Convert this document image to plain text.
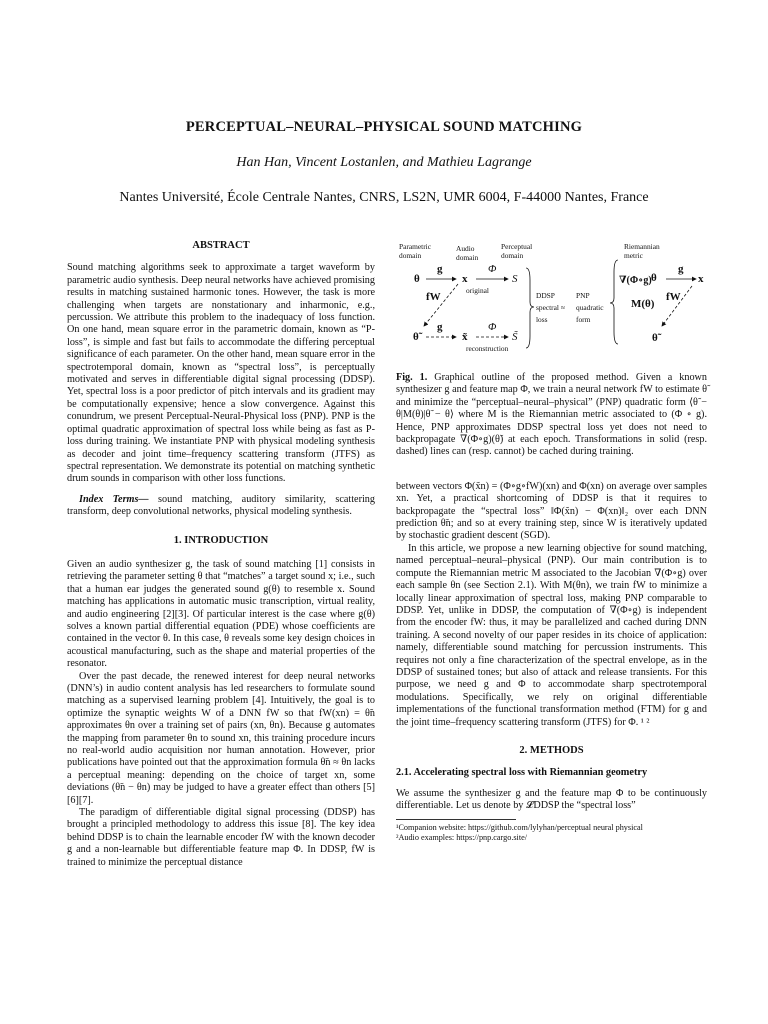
PERCEPTUAL–NEURAL–PHYSICAL SOUND MATCHING
Han Han, Vincent Lostanlen, and Mathieu Lagrange
Nantes Université, École Centrale Nantes, CNRS, LS2N, UMR 6004, F-44000 Nantes, France

ABSTRACT

Sound matching algorithms seek to approximate a target waveform by parametric audio synthesis. Deep neural networks have achieved promising results in matching sustained harmonic tones. However, the task is more challenging when targets are nonstationary and inharmonic, e.g., percussion. We attribute this problem to the inadequacy of loss function. On one hand, mean square error in the parametric domain, known as “P-loss”, is simple and fast but fails to accommodate the differing perceptual significance of each parameter. On the other hand, mean square error in the spectrotemporal domain, known as “spectral loss”, is perceptually motivated and serves in differentiable digital signal processing (DDSP). Yet, spectral loss is a poor predictor of pitch intervals and its gradient may be computationally expensive; hence a slow convergence. Against this conundrum, we present Perceptual-Neural-Physical loss (PNP). PNP is the optimal quadratic approximation of spectral loss while being as fast as P-loss during training. We instantiate PNP with physical modeling synthesis as decoder and joint time–frequency scattering transform (JTFS) as spectral representation. We demonstrate its potential on matching synthetic drum sounds in comparison with other loss functions.

Index Terms— sound matching, auditory similarity, scattering transform, deep convolutional networks, physical modeling synthesis.

1. INTRODUCTION

Given an audio synthesizer g, the task of sound matching [1] consists in retrieving the parameter setting θ that “matches” a target sound x; i.e., such that a human ear judges the generated sound g(θ) to resemble x. Sound matching has applications in automatic music transcription, virtual reality, and audio engineering [2][3]. Of particular interest is the case where g(θ) solves a known partial differential equation (PDE) whose coefficients are contained in the vector θ. In this case, θ reveals some key design choices in acoustical manufacturing, such as the shape and material properties of the resonator.

Over the past decade, the renewed interest for deep neural networks (DNN’s) in audio content analysis has led researchers to formulate sound matching as a supervised learning problem [4]. Intuitively, the goal is to optimize the synaptic weights W of a DNN fW so that fW(xn) = θ̃n approximates θn over a training set of pairs (xn, θn). Because g automates the mapping from parameter θn to sound xn, this training procedure incurs no real-world audio acquisition nor human annotation. However, prior publications have pointed out that the approximation formula θ̃n ≈ θn lacks a perceptual meaning: depending on the choice of target xn, some deviations (θ̃n − θn) may be judged to have a greater effect than others [5][6][7].

The paradigm of differentiable digital signal processing (DDSP) has brought a principled methodology to address this issue [8]. The key idea behind DDSP is to chain the learnable encoder fW with the known decoder g and a non-learnable but differentiable feature map Φ. In DDSP, fW is trained to minimize the perceptual distance

Parametric
domain
Audio
domain
Perceptual
domain
Riemannian
metric
θ
g
x
Φ
S
original
fW
θ̃
g
x̃
Φ
S̃
reconstruction
DDSP
spectral ≈
loss
PNP
quadratic
form
∇(Φ∘g) θ
g
x
M(θ)
fW
θ̃

Fig. 1. Graphical outline of the proposed method. Given a known synthesizer g and feature map Φ, we train a neural network fW to estimate θ̃ and minimize the “perceptual–neural–physical” (PNP) quadratic form ⟨θ̃ − θ|M(θ)|θ̃ − θ⟩ where M is the Riemannian metric associated to (Φ ∘ g). Hence, PNP approximates DDSP spectral loss yet does not need to backpropagate ∇(Φ∘g)(θ̃) at each epoch. Transformations in solid (resp. dashed) lines can (resp. cannot) be cached during training.

between vectors Φ(x̃n) = (Φ∘g∘fW)(xn) and Φ(xn) on average over samples xn. Yet, a practical shortcoming of DDSP is that it requires to backpropagate the “spectral loss” ‖Φ(x̃n) − Φ(xn)‖₂ over each DNN prediction θ̃n; and so at every training step, since W is iteratively updated by stochastic gradient descent (SGD).

In this article, we propose a new learning objective for sound matching, named perceptual–neural–physical (PNP). Our main contribution is to compute the Riemannian metric M associated to the Jacobian ∇(Φ∘g) over each sample θn (see Section 2.1). With M(θn), we train fW to minimize a locally linear approximation of spectral loss, making PNP comparable to DDSP. Yet, unlike in DDSP, the computation of ∇(Φ∘g) is independent from the encoder fW: thus, it may be parallelized and cached during DNN training. A second novelty of our paper resides in its choice of application: namely, differentiable sound matching for percussion instruments. This requires not only a fine characterization of the spectral envelope, as in the DDSP of sustained tones; but also of attack and release transients. For this purpose, we need g and Φ to accommodate sharp spectrotemporal modulations. Specifically, we rely on original differentiable implementations of the functional transformation method (FTM) for g and the joint time–frequency scattering transform (JTFS) for Φ. ¹ ²

2. METHODS

2.1. Accelerating spectral loss with Riemannian geometry

We assume the synthesizer g and the feature map Φ to be continuously differentiable. Let us denote by 𝓛DDSP the “spectral loss”

¹Companion website: https://github.com/lylyhan/perceptual neural physical
²Audio examples: https://pnp.cargo.site/
